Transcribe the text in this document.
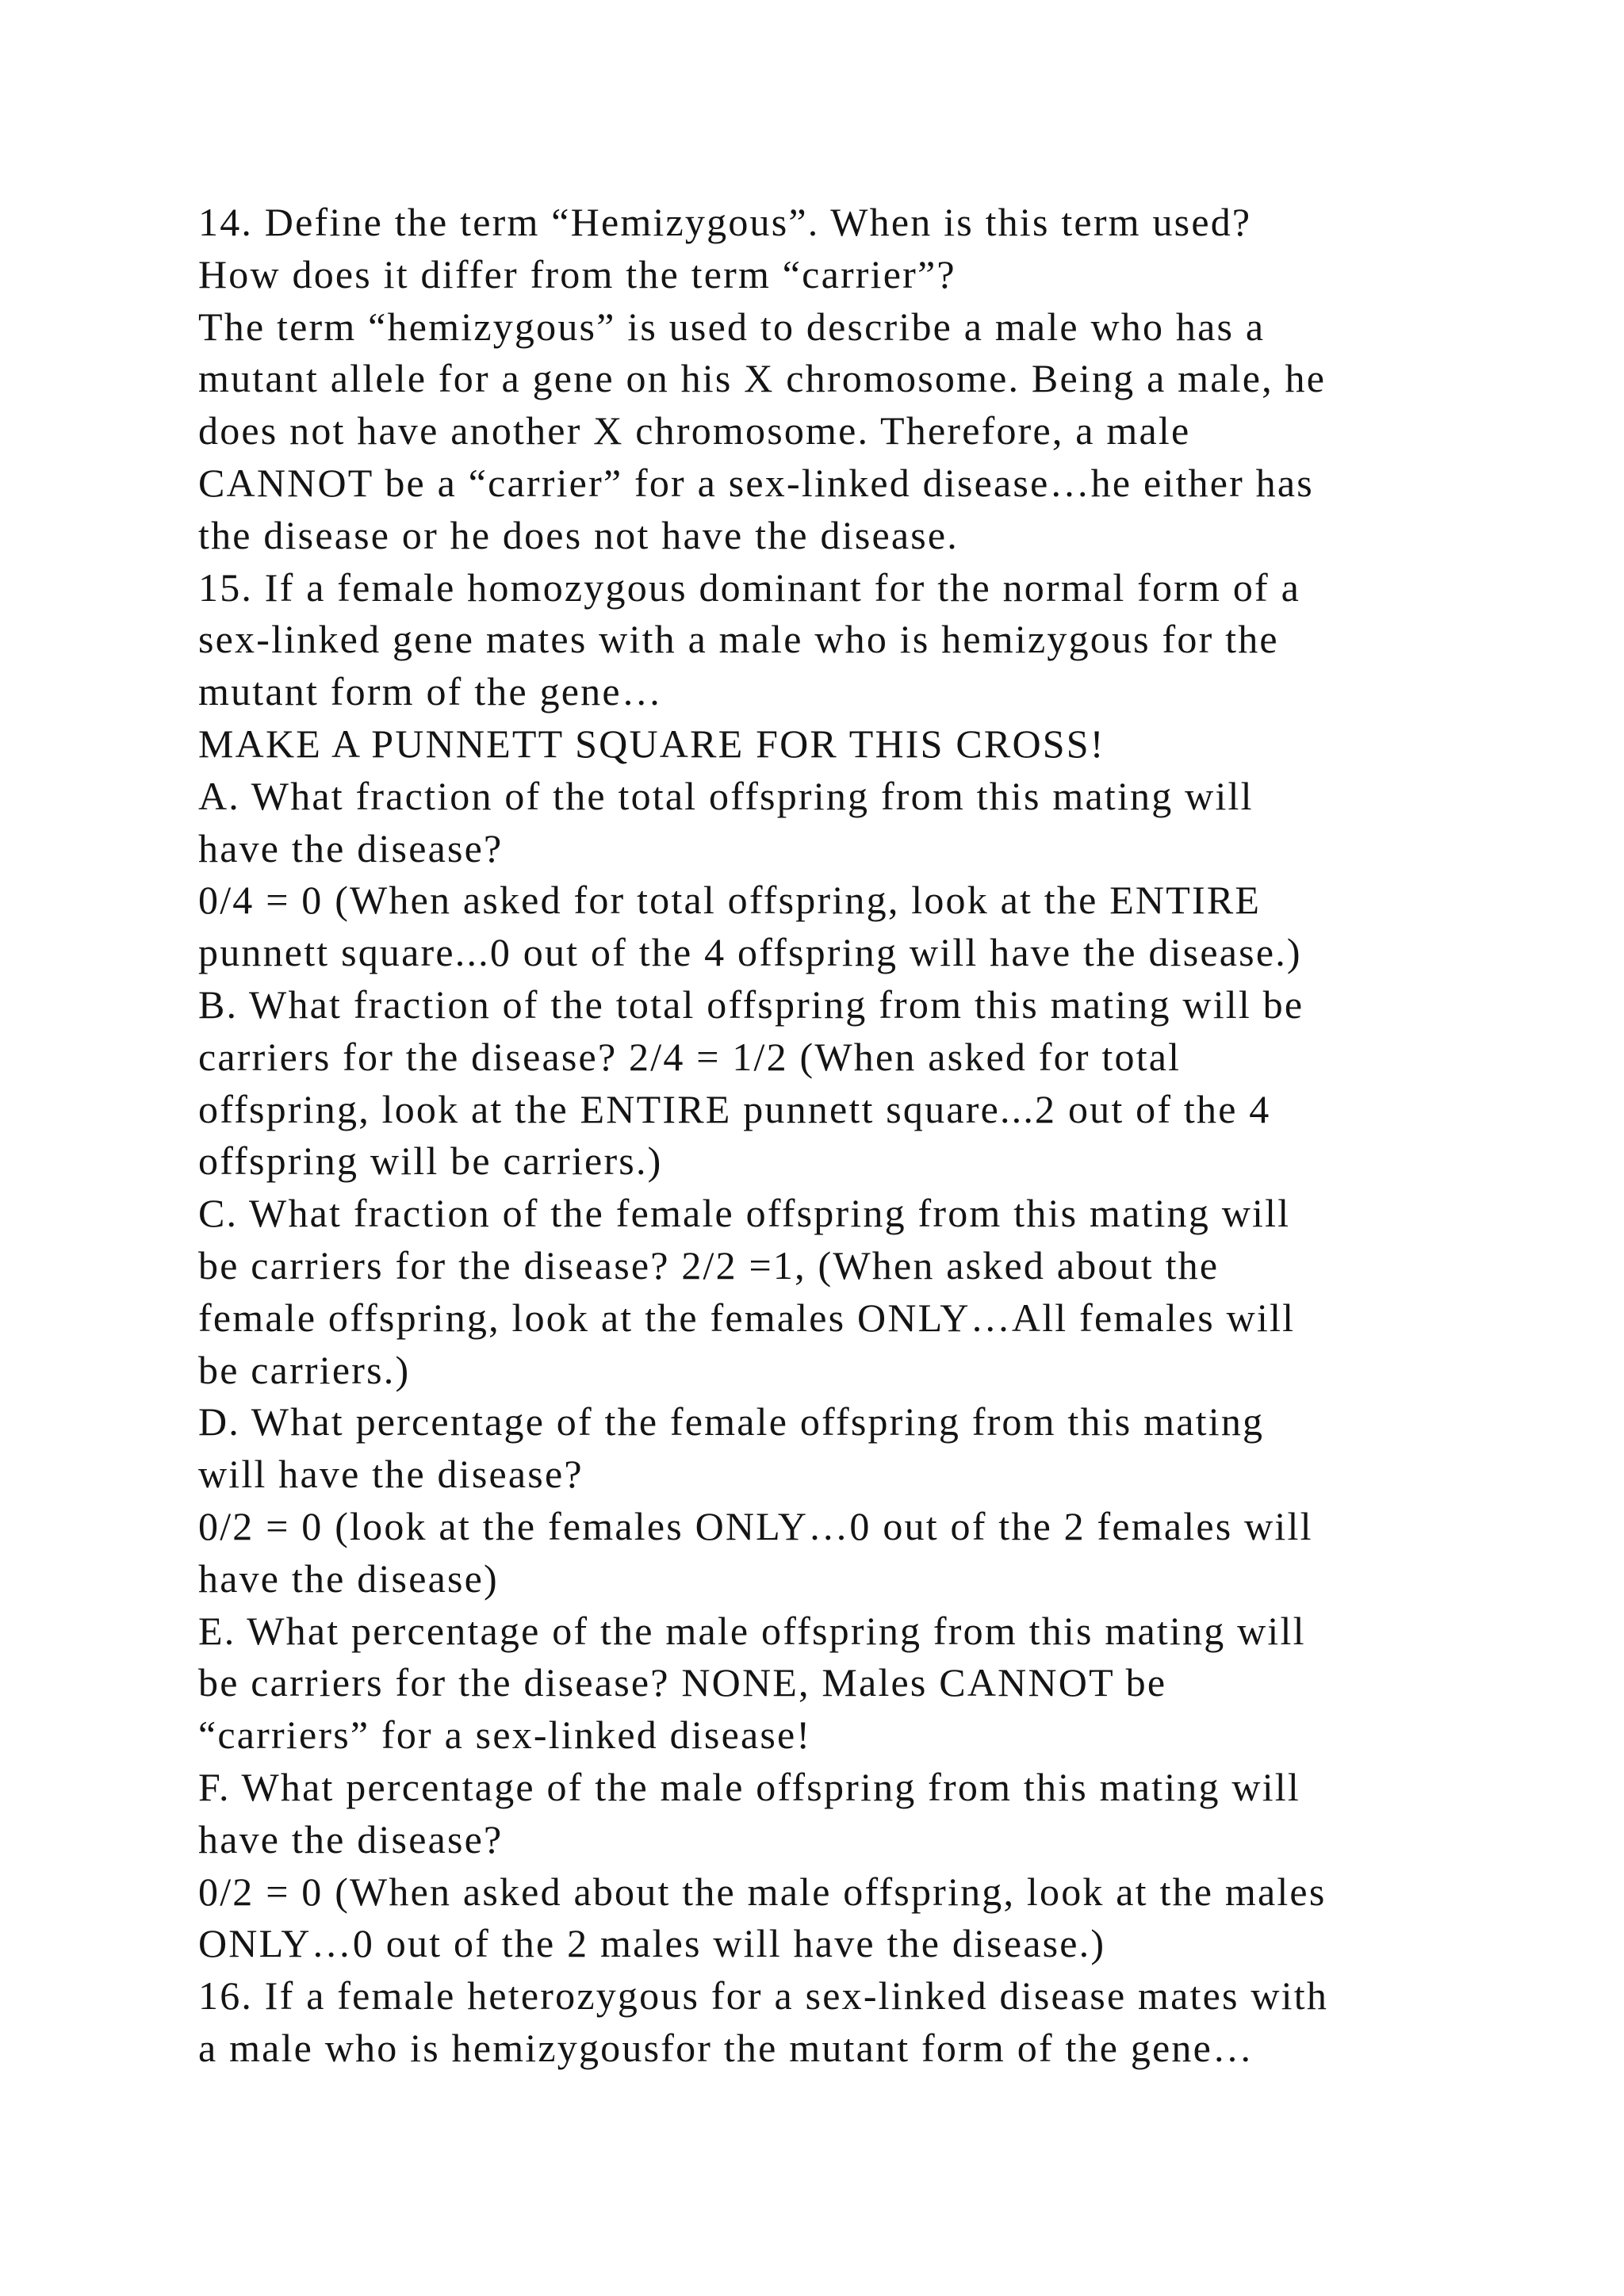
14. Define the term “Hemizygous”. When is this term used?
How does it differ from the term “carrier”?
The term “hemizygous” is used to describe a male who has a
mutant allele for a gene on his X chromosome. Being a male, he
does not have another X chromosome. Therefore, a male
CANNOT be a “carrier” for a sex-linked disease…he either has
the disease or he does not have the disease.
15. If a female homozygous dominant for the normal form of a
sex-linked gene mates with a male who is hemizygous for the
mutant form of the gene…
MAKE A PUNNETT SQUARE FOR THIS CROSS!
A. What fraction of the total offspring from this mating will
have the disease?
0/4 = 0 (When asked for total offspring, look at the ENTIRE
punnett square...0 out of the 4 offspring will have the disease.)
B. What fraction of the total offspring from this mating will be
carriers for the disease? 2/4 = 1/2 (When asked for total
offspring, look at the ENTIRE punnett square...2 out of the 4
offspring will be carriers.)
C. What fraction of the female offspring from this mating will
be carriers for the disease? 2/2 =1, (When asked about the
female offspring, look at the females ONLY…All females will
be carriers.)
D. What percentage of the female offspring from this mating
will have the disease?
0/2 = 0 (look at the females ONLY…0 out of the 2 females will
have the disease)
E. What percentage of the male offspring from this mating will
be carriers for the disease? NONE, Males CANNOT be
“carriers” for a sex-linked disease!
F. What percentage of the male offspring from this mating will
have the disease?
0/2 = 0 (When asked about the male offspring, look at the males
ONLY…0 out of the 2 males will have the disease.)
16. If a female heterozygous for a sex-linked disease mates with
a male who is hemizygousfor the mutant form of the gene…
